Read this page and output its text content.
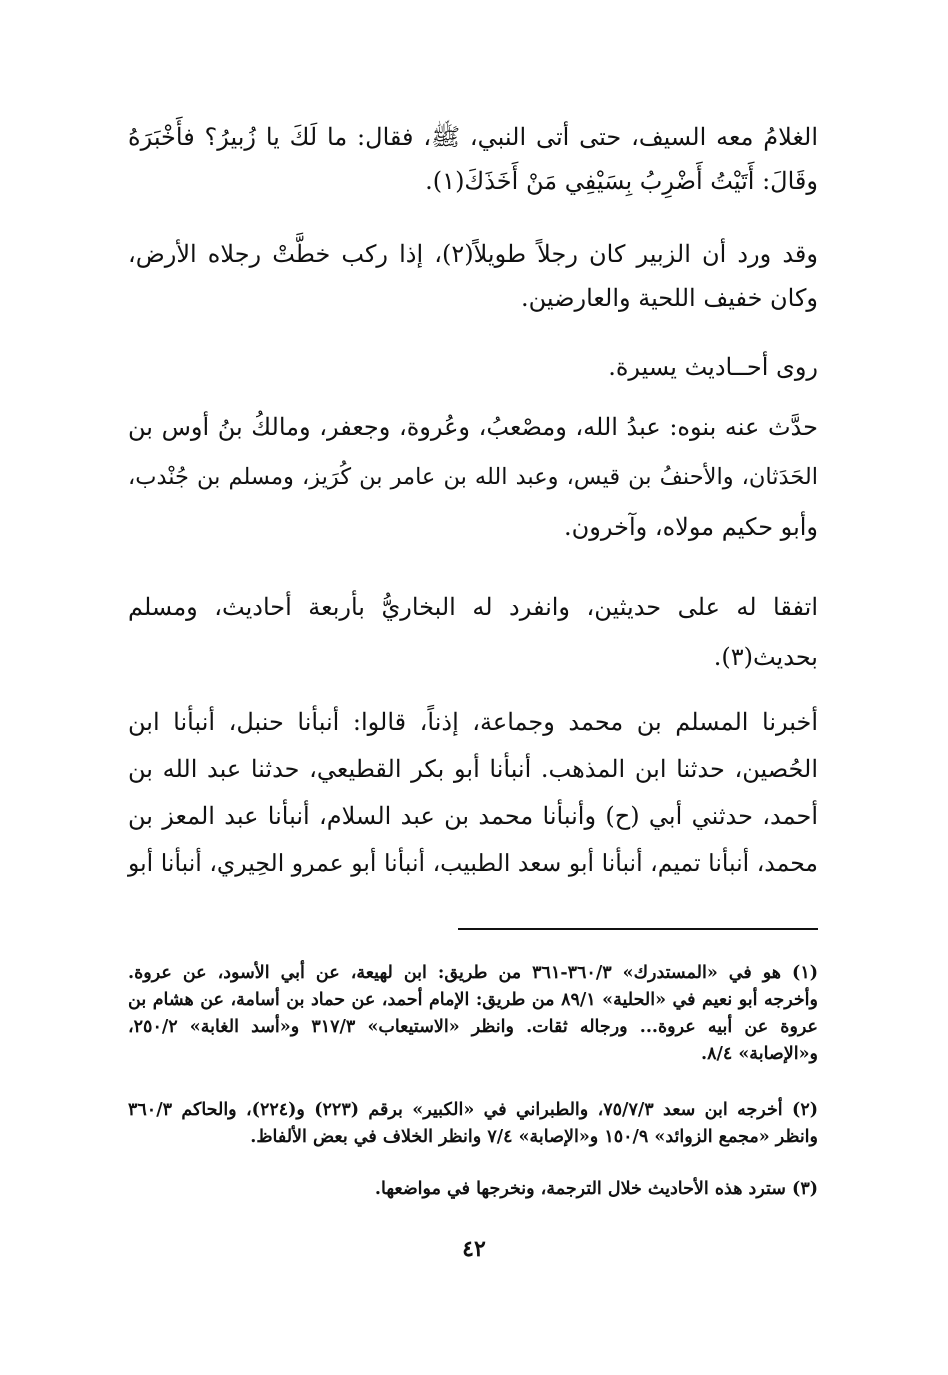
الغلامُ معه السيف، حتى أتى النبي، ﷺ، فقال: ما لَكَ يا زُبيرُ؟ فأَخْبَرَهُ
وقَالَ: أَتَيْتُ أَضْرِبُ بِسَيْفِي مَنْ أَخَذَكَ(١).
وقد ورد أن الزبير كان رجلاً طويلاً(٢)، إذا ركب خطَّتْ رجلاه الأرض،
وكان خفيف اللحية والعارضين.
روى أحــاديث يسيرة.
حدَّث عنه بنوه: عبدُ الله، ومصْعبُ، وعُروة، وجعفر، ومالكُ بنُ أوس بن
الحَدَثان، والأحنفُ بن قيس، وعبد الله بن عامر بن كُرَيز، ومسلم بن جُنْدب،
وأبو حكيم مولاه، وآخرون.
اتفقا له على حديثين، وانفرد له البخاريُّ بأربعة أحاديث، ومسلم
بحديث(٣).
أخبرنا المسلم بن محمد وجماعة، إذناً، قالوا: أنبأنا حنبل، أنبأنا ابن
الحُصين، حدثنا ابن المذهب. أنبأنا أبو بكر القطيعي، حدثنا عبد الله بن
أحمد، حدثني أبي (ح) وأنبأنا محمد بن عبد السلام، أنبأنا عبد المعز بن
محمد، أنبأنا تميم، أنبأنا أبو سعد الطبيب، أنبأنا أبو عمرو الحِيري، أنبأنا أبو
(١) هو في «المستدرك» ٣٦٠/٣-٣٦١ من طريق: ابن لهيعة، عن أبي الأسود، عن عروة.
وأخرجه أبو نعيم في «الحلية» ٨٩/١ من طريق: الإمام أحمد، عن حماد بن أسامة، عن هشام بن
عروة عن أبيه عروة... ورجاله ثقات. وانظر «الاستيعاب» ٣١٧/٣ و«أسد الغابة» ٢٥٠/٢،
و«الإصابة» ٨/٤.
(٢) أخرجه ابن سعد ٧٥/٧/٣، والطبراني في «الكبير» برقم (٢٢٣) و(٢٢٤)، والحاكم ٣٦٠/٣
وانظر «مجمع الزوائد» ١٥٠/٩ و«الإصابة» ٧/٤ وانظر الخلاف في بعض الألفاظ.
(٣) سترد هذه الأحاديث خلال الترجمة، ونخرجها في مواضعها.
٤٢
